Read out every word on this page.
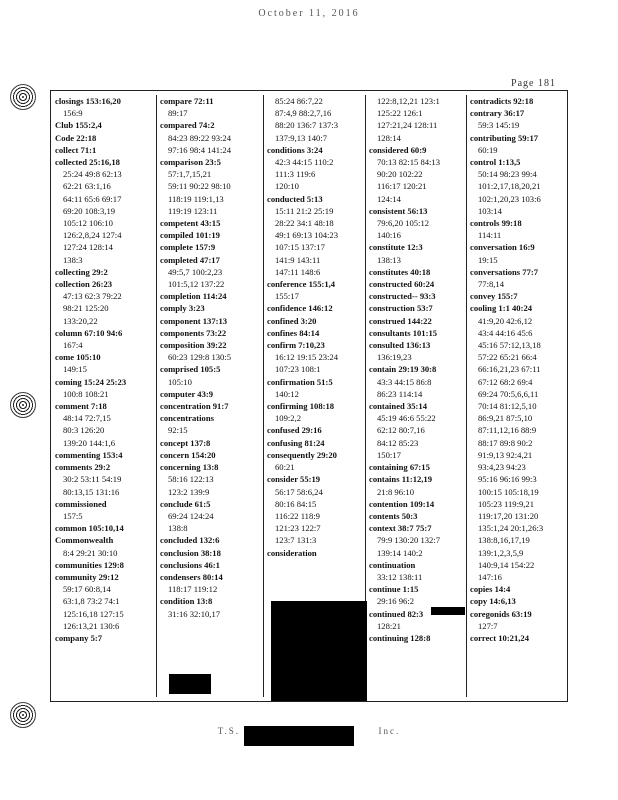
October 11, 2016
Page 181
closings 153:16,20
156:9
Club 155:2,4
Code 22:18
collect 71:1
collected 25:16,18
25:24 49:8 62:13
62:21 63:1,16
64:11 65:6 69:17
69:20 108:3,19
105:12 106:10
126:2,8,24 127:4
127:24 128:14
138:3
collecting 29:2
collection 26:23
47:13 62:3 79:22
98:21 125:20
133:20,22
column 67:10 94:6
167:4
come 105:10
149:15
coming 15:24 25:23
100:8 108:21
comment 7:18
48:14 72:7,15
80:3 126:20
139:20 144:1,6
commenting 153:4
comments 29:2
30:2 53:11 54:19
80:13,15 131:16
commissioned
157:5
common 105:10,14
Commonwealth
8:4 29:21 30:10
communities 129:8
community 29:12
59:17 60:8,14
63:1,8 73:2 74:1
125:16,18 127:15
126:13,21 130:6
company 5:7
compare 72:11
89:17
compared 74:2
84:23 89:22 93:24
97:16 98:4 141:24
comparison 23:5
57:1,7,15,21
59:11 90:22 98:10
118:19 119:1,13
119:19 123:11
competent 43:15
compiled 101:19
complete 157:9
completed 47:17
49:5,7 100:2,23
101:5,12 137:22
completion 114:24
comply 3:23
component 137:13
components 73:22
composition 39:22
60:23 129:8 130:5
comprised 105:5
105:10
computer 43:9
concentration 91:7
concentrations
92:15
concept 137:8
concern 154:20
concerning 13:8
58:16 122:13
123:2 139:9
conclude 61:5
69:24 124:24
138:8
concluded 132:6
conclusion 38:18
conclusions 46:1
condensers 80:14
118:17 119:12
condition 13:8
31:16 32:10,17
85:24 86:7,22
87:4,9 88:2,7,16
88:20 136:7 137:3
137:9,13 140:7
conditions 3:24
42:3 44:15 110:2
111:3 119:6
120:10
conducted 5:13
15:11 21:2 25:19
28:22 34:1 48:18
49:1 69:13 104:23
107:15 137:17
141:9 143:11
147:11 148:6
conference 155:1,4
155:17
confidence 146:12
confined 3:20
confines 84:14
confirm 7:10,23
16:12 19:15 23:24
107:23 108:1
confirmation 51:5
140:12
confirming 108:18
109:2,2
confused 29:16
confusing 81:24
consequently 29:20
60:21
consider 55:19
56:17 58:6,24
80:16 84:15
116:22 118:9
121:23 122:7
123:7 131:3
consideration
122:8,12,21 123:1
125:22 126:1
127:21,24 128:11
128:14
considered 60:9
70:13 82:15 84:13
90:20 102:22
116:17 120:21
124:14
consistent 56:13
79:6,20 105:12
140:16
constitute 12:3
138:13
constitutes 40:18
constructed 60:24
constructed-- 93:3
construction 53:7
construed 144:22
consultants 101:15
consulted 136:13
136:19,23
contain 29:19 30:8
43:3 44:15 86:8
86:23 114:14
contained 35:14
45:19 46:6 55:22
62:12 80:7,16
84:12 85:23
150:17
containing 67:15
contains 11:12,19
21:8 96:10
contention 109:14
contents 50:3
context 38:7 75:7
79:9 130:20 132:7
139:14 140:2
continuation
33:12 138:11
continue 1:15
29:16 96:2
continued 82:3
128:21
continuing 128:8
contradicts 92:18
contrary 36:17
59:3 145:19
contributing 59:17
60:19
control 1:13,5
50:14 98:23 99:4
101:2,17,18,20,21
102:1,20,23 103:6
103:14
controls 99:18
114:11
conversation 16:9
19:15
conversations 77:7
77:8,14
convey 155:7
cooling 1:1 40:24
41:9,20 42:6,12
43:4 44:16 45:6
45:16 57:12,13,18
57:22 65:21 66:4
66:16,21,23 67:11
67:12 68:2 69:4
69:24 70:5,6,6,11
70:14 81:12,5,10
86:9,21 87:5,10
87:11,12,16 88:9
88:17 89:8 90:2
91:9,13 92:4,21
93:4,23 94:23
95:16 96:16 99:3
100:15 105:18,19
105:23 119:9,21
119:17,20 131:20
135:1,24 20:1,26:3
138:8,16,17,19
139:1,2,3,5,9
140:9,14 154:22
147:16
copies 14:4
copy 14:6,13
coregonids 63:19
127:7
correct 10:21,24
T.S.	Inc.
